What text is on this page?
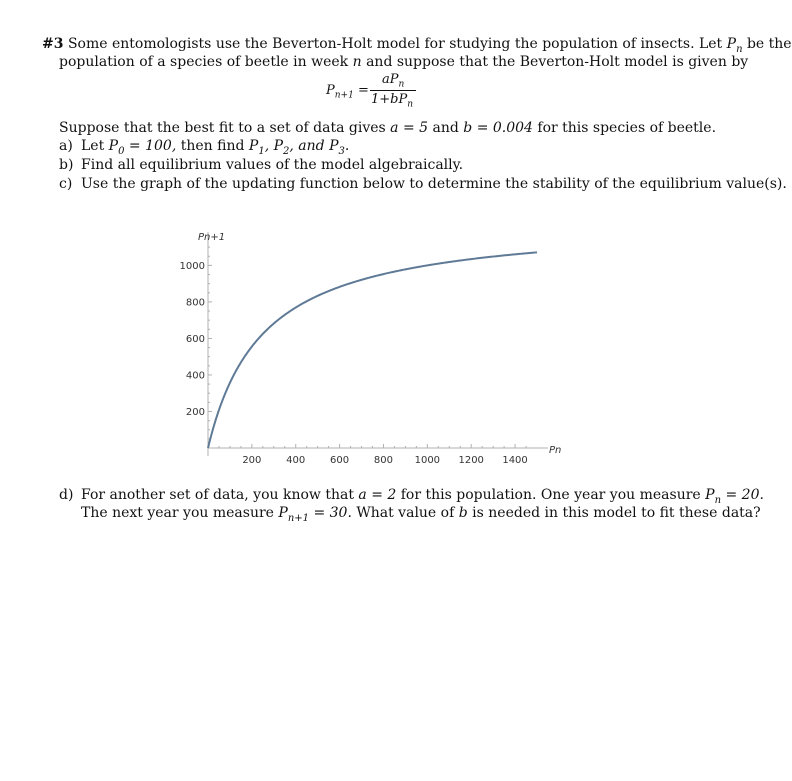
#3 Some entomologists use the Beverton-Holt model for studying the population of insects. Let $P_n$ be the
population of a species of beetle in week n and suppose that the Beverton-Holt model is given by
$P_{n+1}$ =
$aP_n$
$1+bP_n$
Suppose that the best fit to a set of data gives a = 5 and b = 0.004 for this species of beetle.
a) Let $P_0 = 100$, then find $P_1$, $P_2$, and $P_3$.
b) Find all equilibrium values of the model algebraically.
c) Use the graph of the updating function below to determine the stability of the equilibrium value(s).
200 400 600 800 1000 1200 1400
200
400
600
800
1000
Pn+1
Pn
d) For another set of data, you know that a = 2 for this population. One year you measure $P_n = 20$.
The next year you measure $P_{n+1} = 30$. What value of b is needed in this model to fit these data?
